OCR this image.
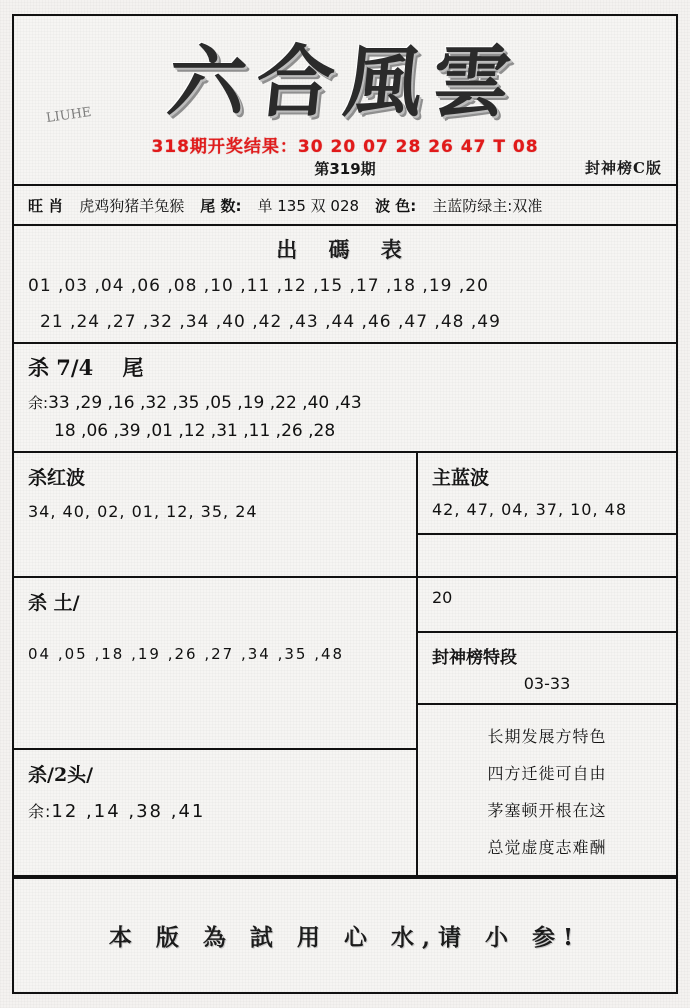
六合風雲
LIUHE
318期开奖结果：30 20 07 28 26 47 T 08
第319期	封神榜C版
旺 肖 虎鸡狗猪羊兔猴 尾 数: 单 135 双 028 波 色: 主蓝防绿主:双准
出 碼 表
01 ,03 ,04 ,06 ,08 ,10 ,11 ,12 ,15 ,17 ,18 ,19 ,20
21 ,24 ,27 ,32 ,34 ,40 ,42 ,43 ,44 ,46 ,47 ,48 ,49
杀 7/4 尾
余:33 ,29 ,16 ,32 ,35 ,05 ,19 ,22 ,40 ,43
18 ,06 ,39 ,01 ,12 ,31 ,11 ,26 ,28
杀红波
34, 40, 02, 01, 12, 35, 24
杀 土/
04 ,05 ,18 ,19 ,26 ,27 ,34 ,35 ,48
杀/2头/
余:12 ,14 ,38 ,41
主蓝波
42, 47, 04, 37, 10, 48
20
封神榜特段
03-33
长期发展方特色
四方迁徙可自由
茅塞顿开根在这
总觉虚度志难酬
本 版 為 試 用 心 水,请 小 参!
